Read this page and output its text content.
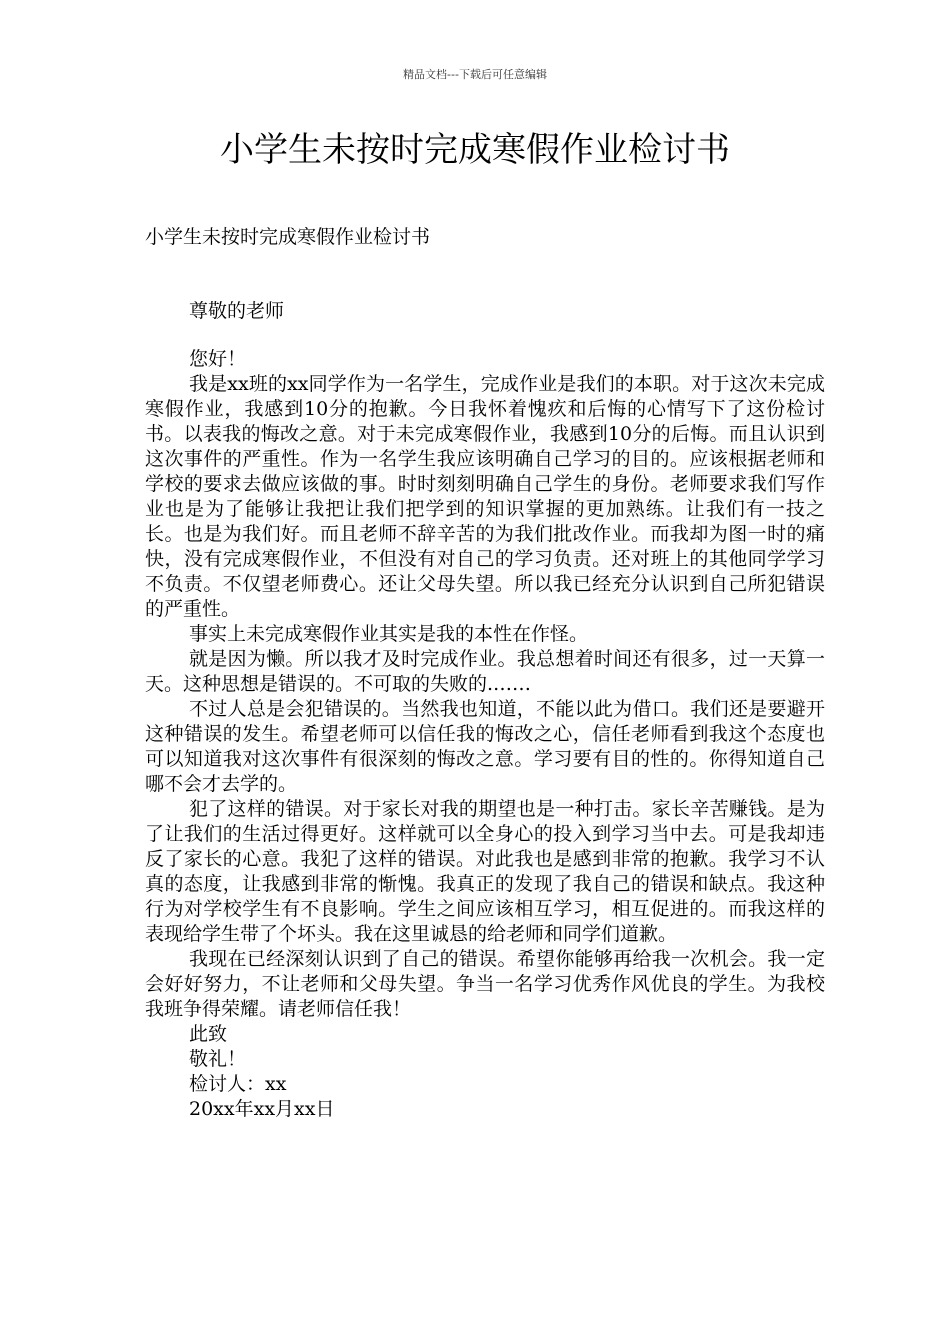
精品文档---下载后可任意编辑
小学生未按时完成寒假作业检讨书
小学生未按时完成寒假作业检讨书
尊敬的老师

您好！

我是xx班的xx同学作为一名学生，完成作业是我们的本职。对于这次未完成寒假作业，我感到10分的抱歉。今日我怀着愧疚和后悔的心情写下了这份检讨书。以表我的悔改之意。对于未完成寒假作业，我感到10分的后悔。而且认识到这次事件的严重性。作为一名学生我应该明确自己学习的目的。应该根据老师和学校的要求去做应该做的事。时时刻刻明确自己学生的身份。老师要求我们写作业也是为了能够让我把让我们把学到的知识掌握的更加熟练。让我们有一技之长。也是为我们好。而且老师不辞辛苦的为我们批改作业。而我却为图一时的痛快，没有完成寒假作业，不但没有对自己的学习负责。还对班上的其他同学学习不负责。不仅望老师费心。还让父母失望。所以我已经充分认识到自己所犯错误的严重性。

事实上未完成寒假作业其实是我的本性在作怪。

就是因为懒。所以我才及时完成作业。我总想着时间还有很多，过一天算一天。这种思想是错误的。不可取的失败的.……

不过人总是会犯错误的。当然我也知道，不能以此为借口。我们还是要避开这种错误的发生。希望老师可以信任我的悔改之心，信任老师看到我这个态度也可以知道我对这次事件有很深刻的悔改之意。学习要有目的性的。你得知道自己哪不会才去学的。

犯了这样的错误。对于家长对我的期望也是一种打击。家长辛苦赚钱。是为了让我们的生活过得更好。这样就可以全身心的投入到学习当中去。可是我却违反了家长的心意。我犯了这样的错误。对此我也是感到非常的抱歉。我学习不认真的态度，让我感到非常的惭愧。我真正的发现了我自己的错误和缺点。我这种行为对学校学生有不良影响。学生之间应该相互学习，相互促进的。而我这样的表现给学生带了个坏头。我在这里诚恳的给老师和同学们道歉。

我现在已经深刻认识到了自己的错误。希望你能够再给我一次机会。我一定会好好努力，不让老师和父母失望。争当一名学习优秀作风优良的学生。为我校我班争得荣耀。请老师信任我！

此致

敬礼！

检讨人：xx

20xx年xx月xx日
